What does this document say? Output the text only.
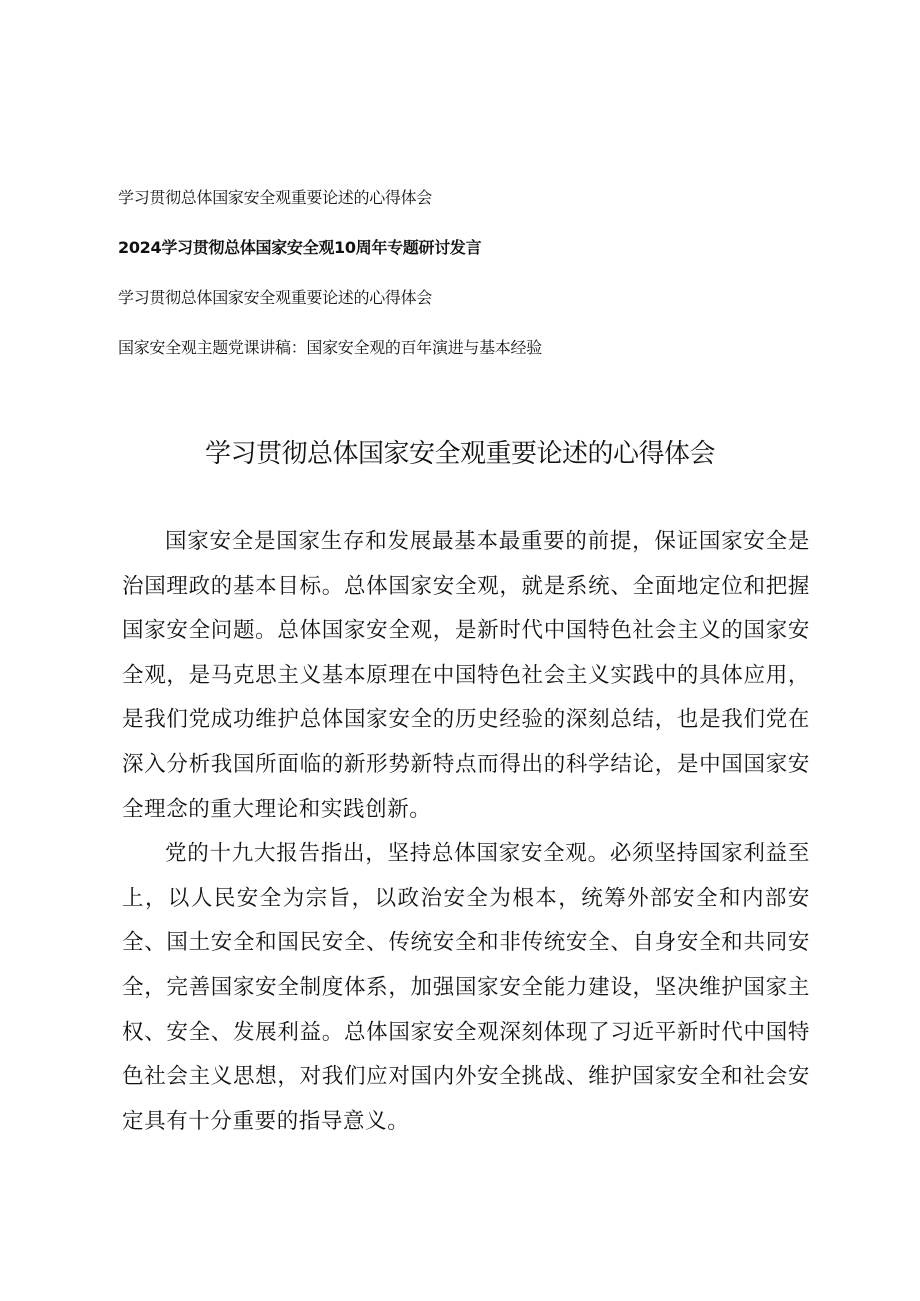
学习贯彻总体国家安全观重要论述的心得体会
2024学习贯彻总体国家安全观10周年专题研讨发言
学习贯彻总体国家安全观重要论述的心得体会
国家安全观主题党课讲稿：国家安全观的百年演进与基本经验
学习贯彻总体国家安全观重要论述的心得体会

国家安全是国家生存和发展最基本最重要的前提，保证国家安全是治国理政的基本目标。总体国家安全观，就是系统、全面地定位和把握国家安全问题。总体国家安全观，是新时代中国特色社会主义的国家安全观，是马克思主义基本原理在中国特色社会主义实践中的具体应用，是我们党成功维护总体国家安全的历史经验的深刻总结，也是我们党在深入分析我国所面临的新形势新特点而得出的科学结论，是中国国家安全理念的重大理论和实践创新。

党的十九大报告指出，坚持总体国家安全观。必须坚持国家利益至上，以人民安全为宗旨，以政治安全为根本，统筹外部安全和内部安全、国土安全和国民安全、传统安全和非传统安全、自身安全和共同安全，完善国家安全制度体系，加强国家安全能力建设，坚决维护国家主权、安全、发展利益。总体国家安全观深刻体现了习近平新时代中国特色社会主义思想，对我们应对国内外安全挑战、维护国家安全和社会安定具有十分重要的指导意义。
